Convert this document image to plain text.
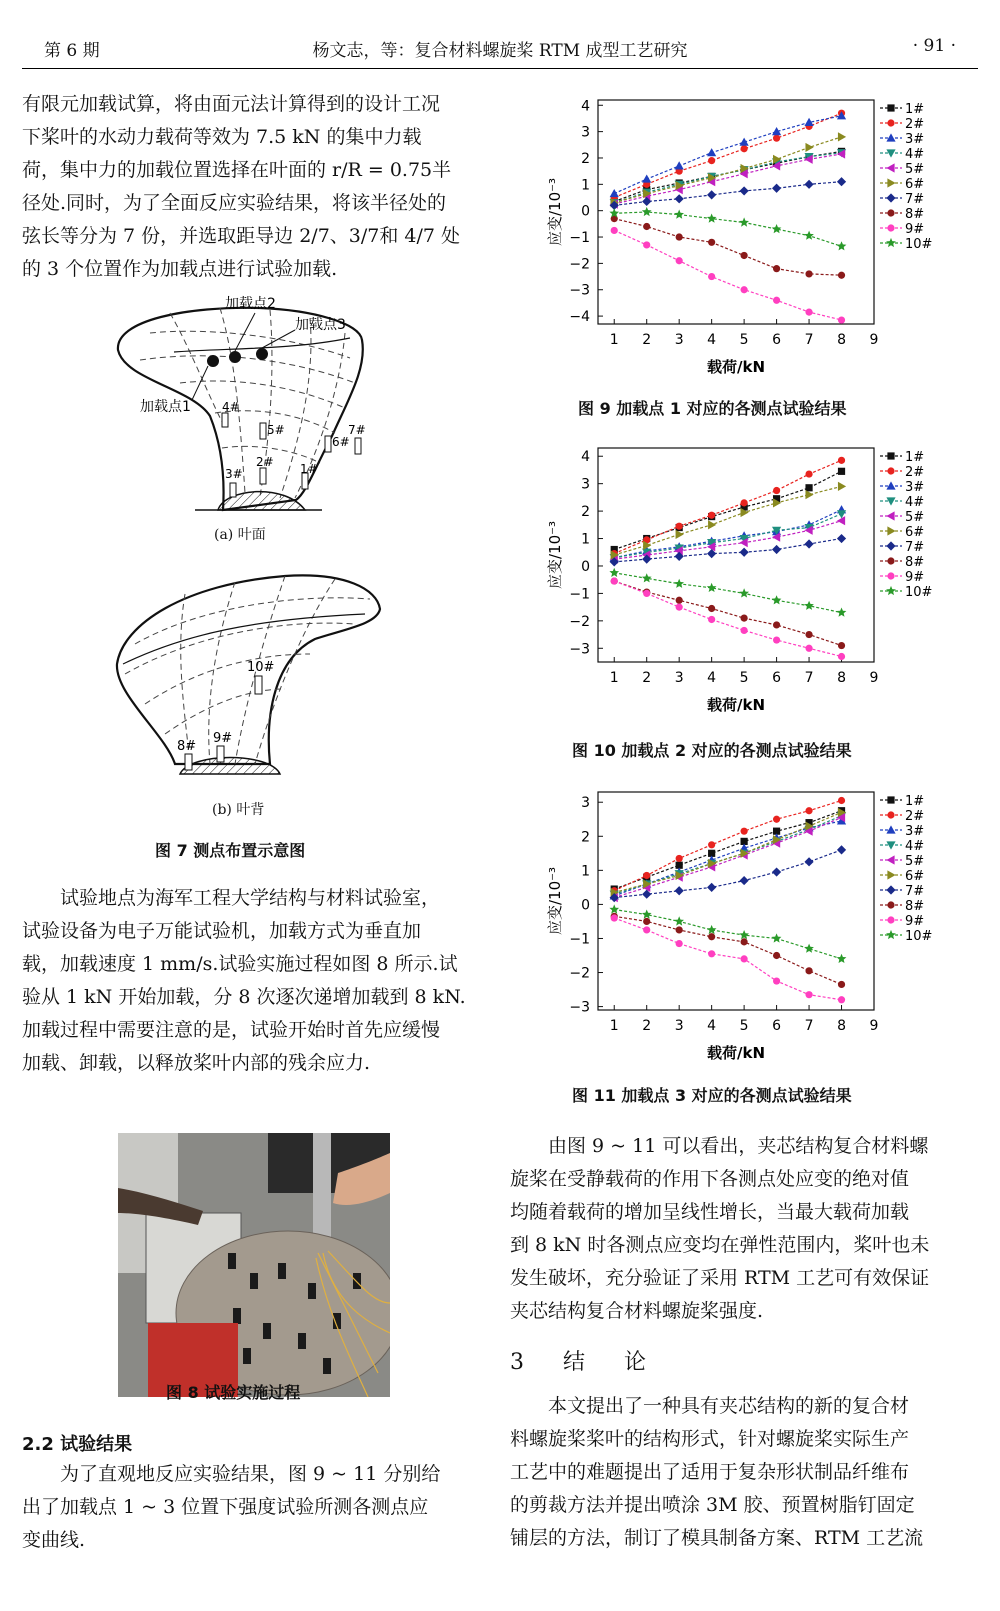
第 6 期	杨文志，等：复合材料螺旋桨 RTM 成型工艺研究	· 91 ·
有限元加载试算，将由面元法计算得到的设计工况
下桨叶的水动力载荷等效为 7.5 kN 的集中力载
荷，集中力的加载位置选择在叶面的 r/R = 0.75半
径处.同时，为了全面反应实验结果，将该半径处的
弦长等分为 7 份，并选取距导边 2/7、3/7和 4/7 处
的 3 个位置作为加载点进行试验加载.
加载点1
加载点2
加载点3
4#
5#
6#
7#
3#
2# 1#
(a) 叶面
10#
8#
9#
(b) 叶背
图 7 测点布置示意图
试验地点为海军工程大学结构与材料试验室，
试验设备为电子万能试验机，加载方式为垂直加
载，加载速度 1 mm/s.试验实施过程如图 8 所示.试
验从 1 kN 开始加载，分 8 次逐次递增加载到 8 kN.
加载过程中需要注意的是，试验开始时首先应缓慢
加载、卸载，以释放桨叶内部的残余应力.
图 8 试验实施过程
2.2 试验结果
为了直观地反应实验结果，图 9 ~ 11 分别给
出了加载点 1 ~ 3 位置下强度试验所测各测点应
变曲线.
−4
−3
−2
−1
0
1
2
3
4
1 2 3 4 5 6 7 8 9
载荷/kN
应变/10⁻³
1#
2#
3#
4#
5#
6#
7#
8#
9#
10#
图 9 加载点 1 对应的各测点试验结果
−3
−2
−1
0
1
2
3
4
1 2 3 4 5 6 7 8 9
载荷/kN
应变/10⁻³
1#
2#
3#
4#
5#
6#
7#
8#
9#
10#
图 10 加载点 2 对应的各测点试验结果
−3
−2
−1
0
1
2
3
1 2 3 4 5 6 7 8 9
载荷/kN
应变/10⁻³
1#
2#
3#
4#
5#
6#
7#
8#
9#
10#
图 11 加载点 3 对应的各测点试验结果
由图 9 ~ 11 可以看出，夹芯结构复合材料螺
旋桨在受静载荷的作用下各测点处应变的绝对值
均随着载荷的增加呈线性增长，当最大载荷加载
到 8 kN 时各测点应变均在弹性范围内，桨叶也未
发生破坏，充分验证了采用 RTM 工艺可有效保证
夹芯结构复合材料螺旋桨强度.
3 结 论
本文提出了一种具有夹芯结构的新的复合材
料螺旋桨桨叶的结构形式，针对螺旋桨实际生产
工艺中的难题提出了适用于复杂形状制品纤维布
的剪裁方法并提出喷涂 3M 胶、预置树脂钉固定
铺层的方法，制订了模具制备方案、RTM 工艺流
